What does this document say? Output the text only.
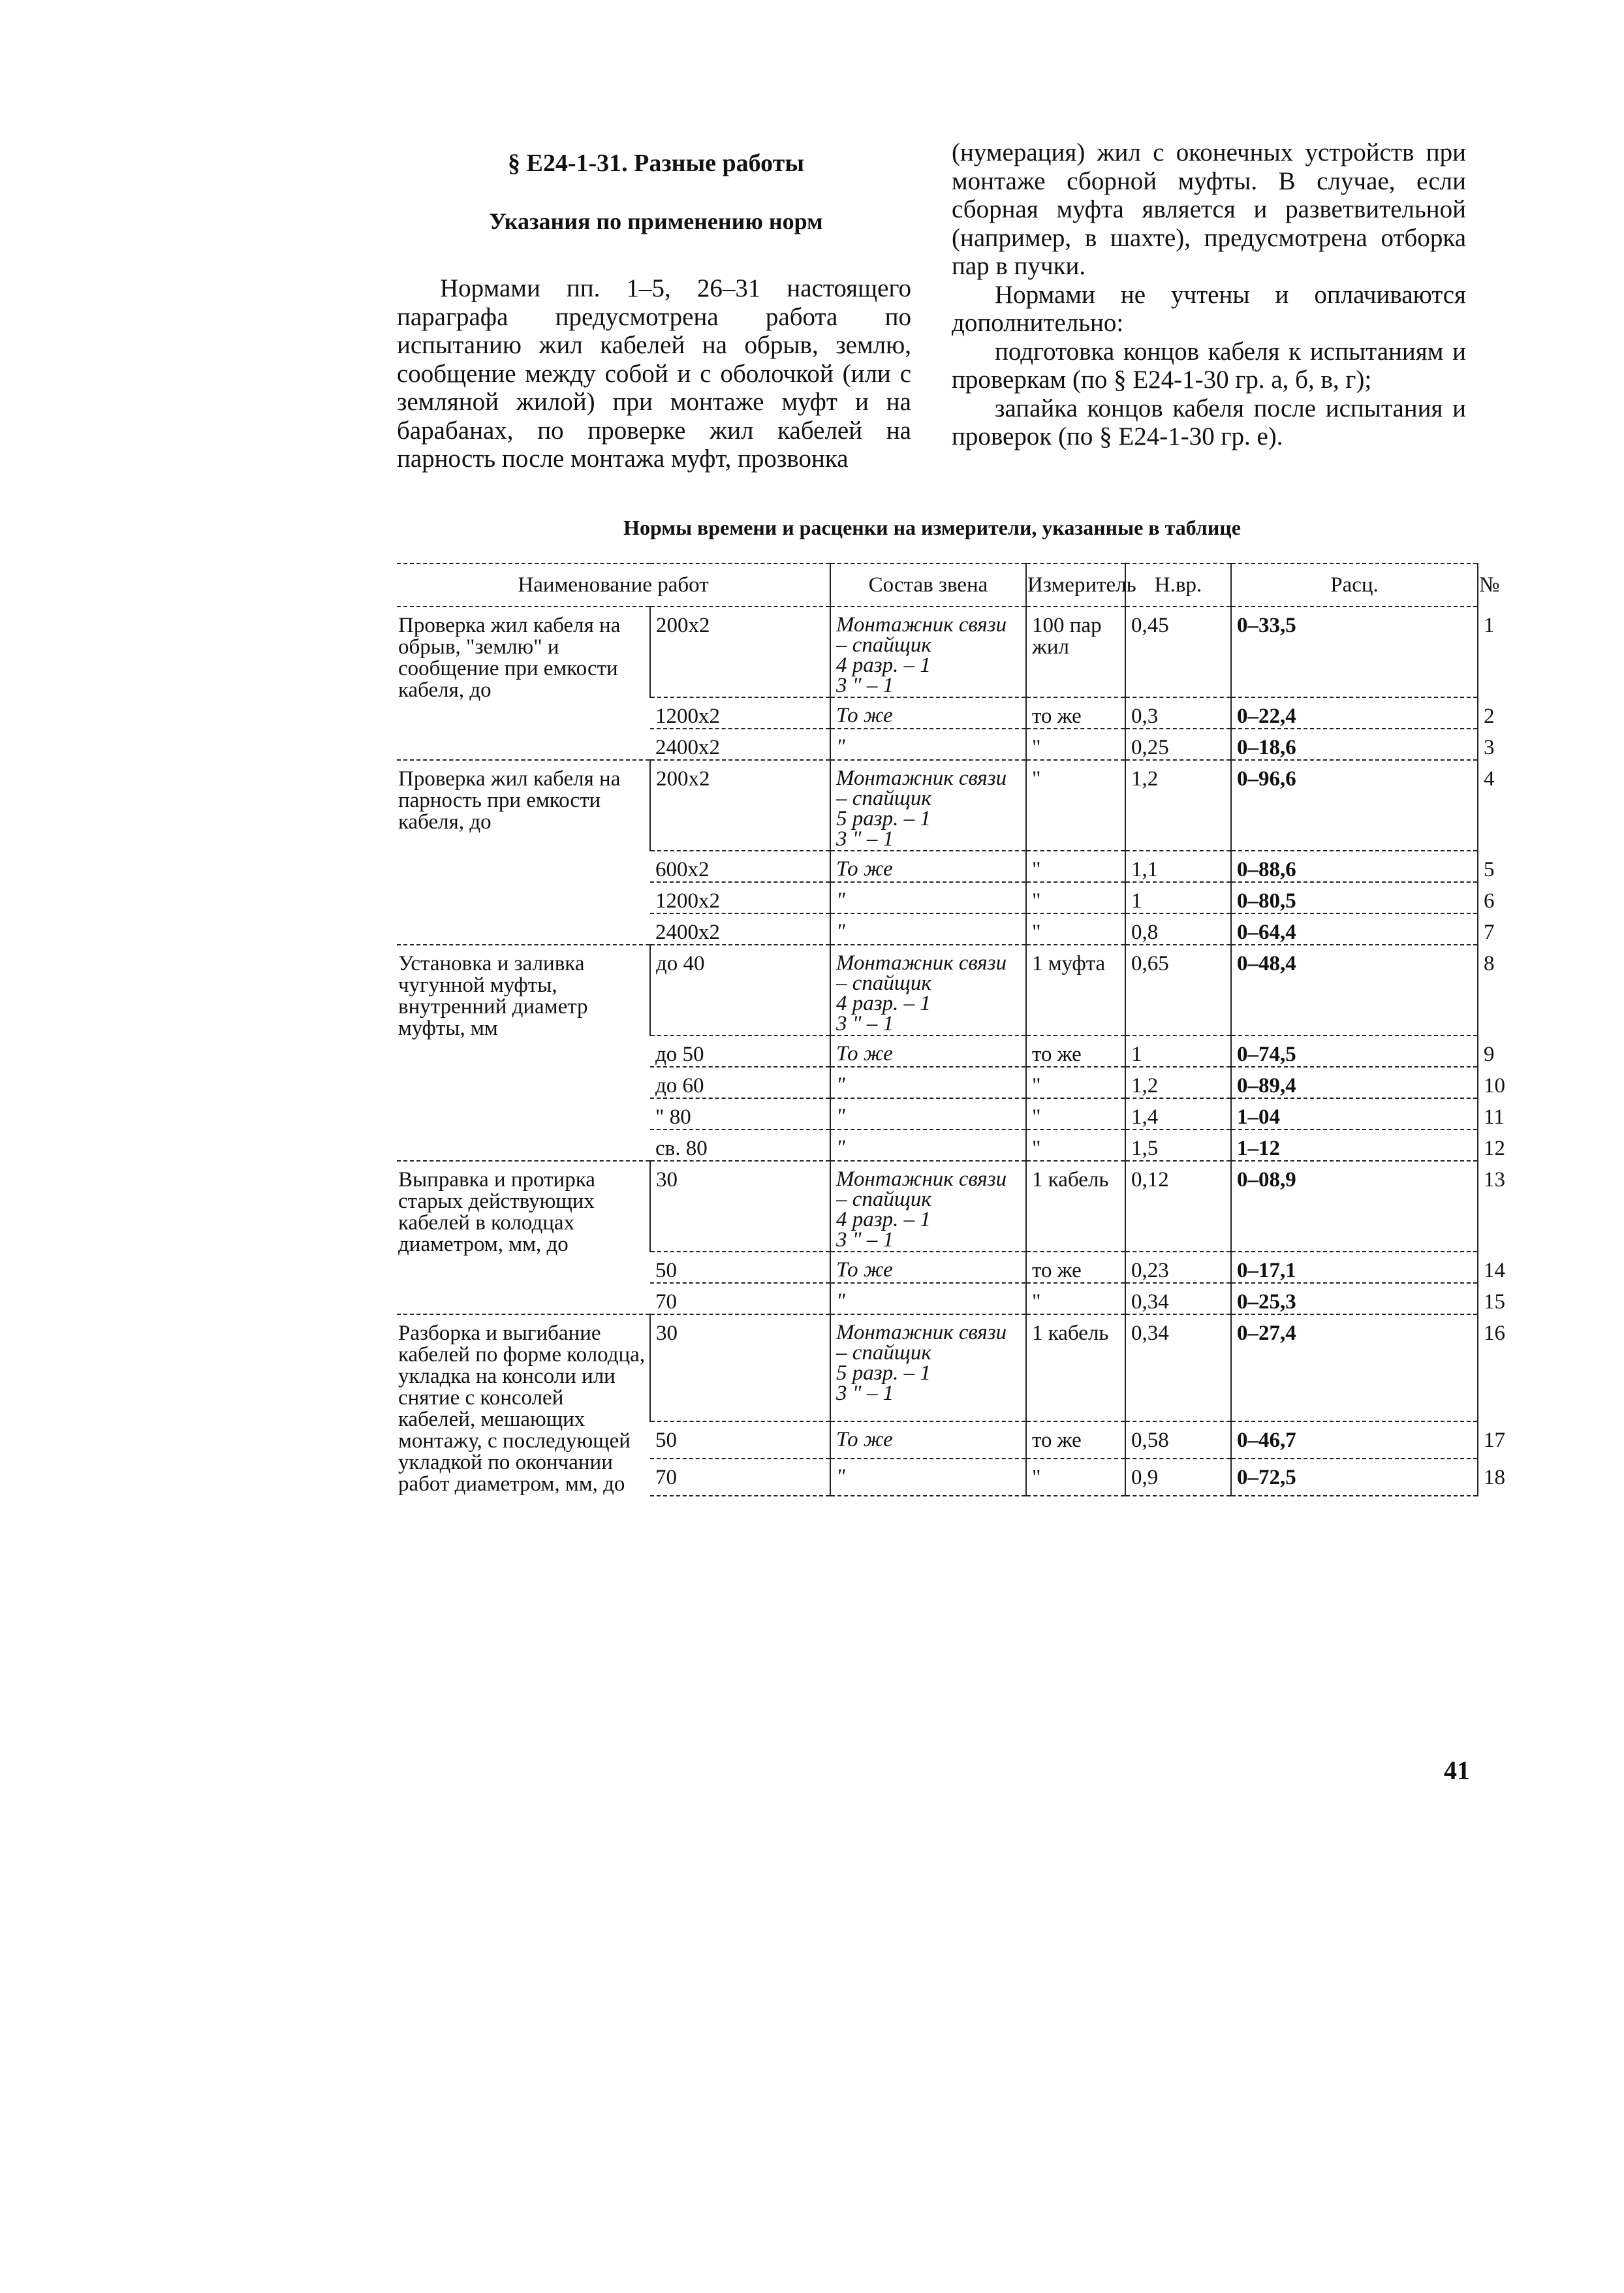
§ Е24-1-31. Разные работы
Указания по применению норм

Нормами пп. 1–5, 26–31 настоящего параграфа предусмотрена работа по испытанию жил кабелей на обрыв, землю, сообщение между собой и с оболочкой (или с земляной жилой) при монтаже муфт и на барабанах, по проверке жил кабелей на парность после монтажа муфт, прозвонка

(нумерация) жил с оконечных устройств при монтаже сборной муфты. В случае, если сборная муфта является и разветвительной (например, в шахте), предусмотрена отборка пар в пучки.

Нормами не учтены и оплачиваются дополнительно:

подготовка концов кабеля к испытаниям и проверкам (по § Е24-1-30 гр. а, б, в, г);

запайка концов кабеля после испытания и проверок (по § Е24-1-30 гр. е).

Нормы времени и расценки на измерители, указанные в таблице
Наименование работ		Состав звена	Измеритель	Н.вр.	Расц.	№
Проверка жил кабеля на обрыв, "землю" и сообщение при емкости кабеля, до	200x2	Монтажник связи – спайщик
4 разр. – 1
3 " – 1	100 пар жил	0,45	0–33,5	1
	1200x2	То же	то же	0,3	0–22,4	2
	2400x2	"	"	0,25	0–18,6	3
Проверка жил кабеля на парность при емкости кабеля, до	200x2	Монтажник связи – спайщик
5 разр. – 1
3 " – 1	"	1,2	0–96,6	4
	600x2	То же	"	1,1	0–88,6	5
	1200x2	"	"	1	0–80,5	6
	2400x2	"	"	0,8	0–64,4	7
Установка и заливка чугунной муфты, внутренний диаметр муфты, мм	до 40	Монтажник связи – спайщик
4 разр. – 1
3 " – 1	1 муфта	0,65	0–48,4	8
	до 50	То же	то же	1	0–74,5	9
	до 60	"	"	1,2	0–89,4	10
	" 80	"	"	1,4	1–04	11
	св. 80	"	"	1,5	1–12	12
Выправка и протирка старых действующих кабелей в колодцах диаметром, мм, до	30	Монтажник связи – спайщик
4 разр. – 1
3 " – 1	1 кабель	0,12	0–08,9	13
	50	То же	то же	0,23	0–17,1	14
	70	"	"	0,34	0–25,3	15
Разборка и выгибание кабелей по форме колодца, укладка на консоли или снятие с консолей кабелей, мешающих монтажу, с последующей укладкой по окончании работ диаметром, мм, до	30	Монтажник связи – спайщик
5 разр. – 1
3 " – 1	1 кабель	0,34	0–27,4	16
	50	То же	то же	0,58	0–46,7	17
	70	"	"	0,9	0–72,5	18
41
